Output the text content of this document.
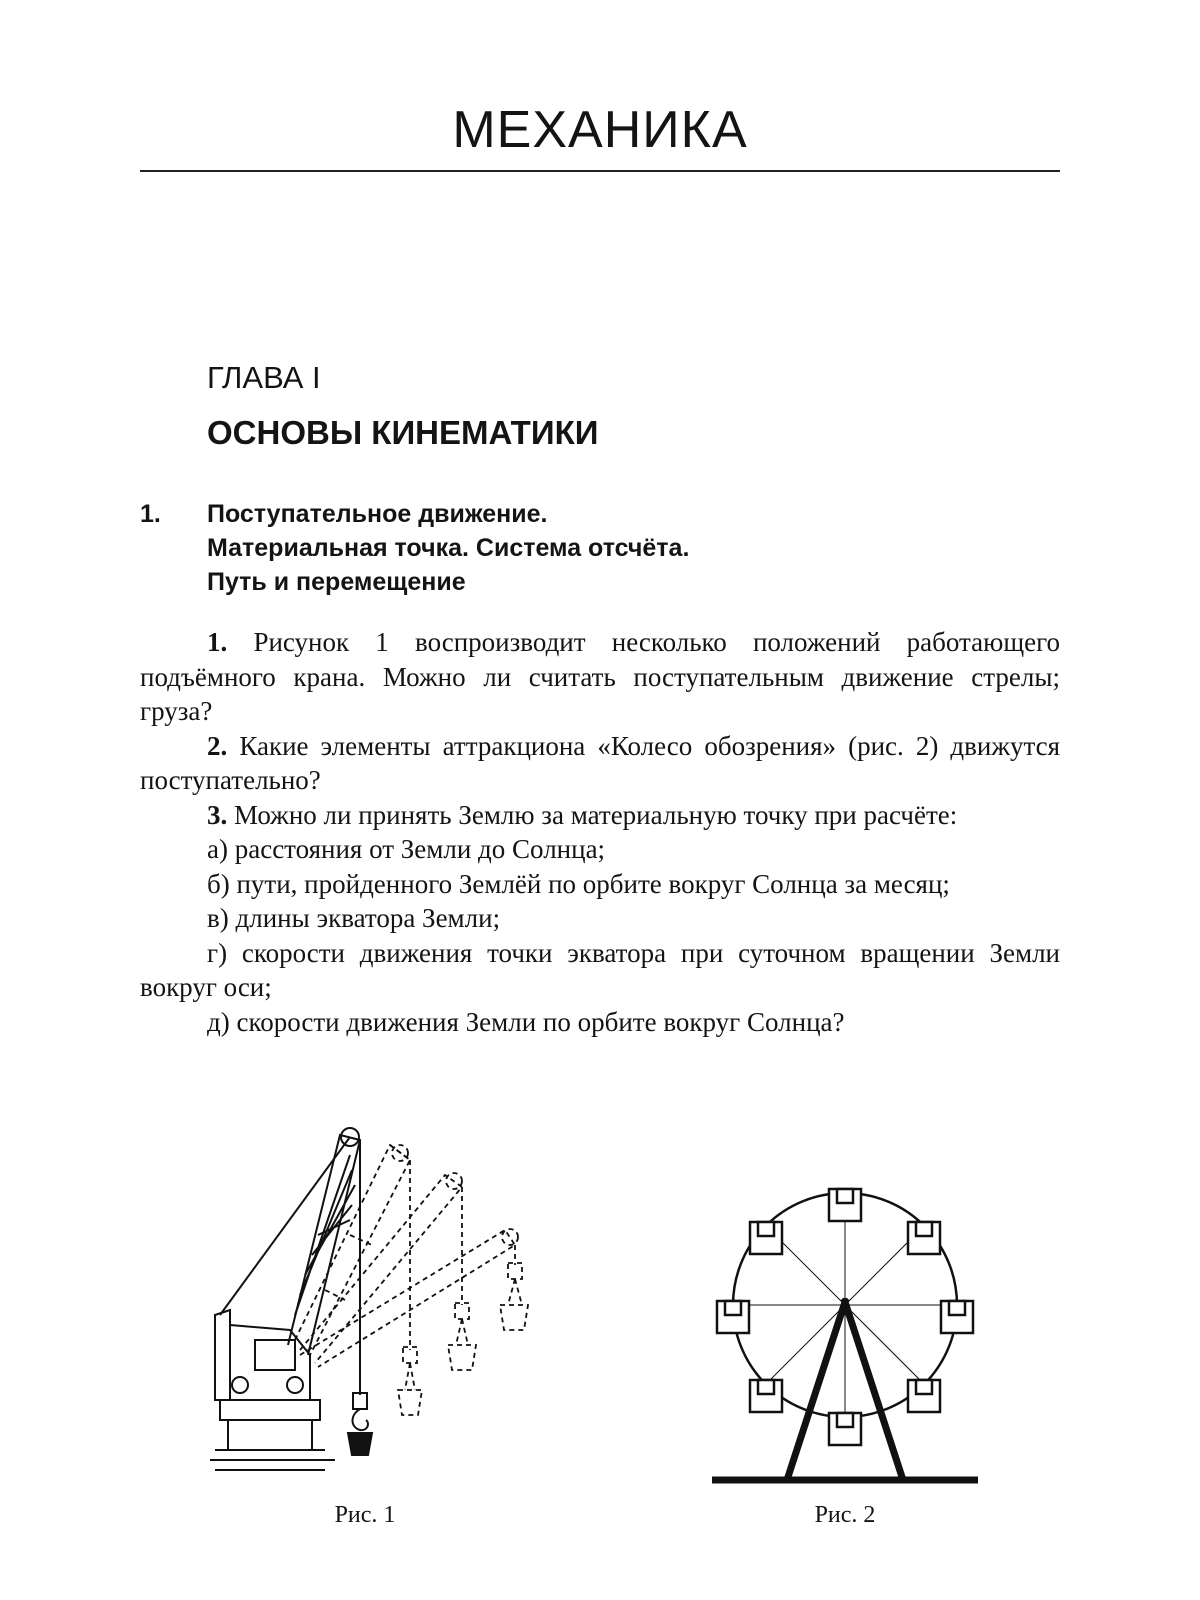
МЕХАНИКА
ГЛАВА I
ОСНОВЫ КИНЕМАТИКИ
1. Поступательное движение.
Материальная точка. Система отсчёта.
Путь и перемещение

1. Рисунок 1 воспроизводит несколько положений работающего подъёмного крана. Можно ли считать поступательным движение стрелы; груза?

2. Какие элементы аттракциона «Колесо обозрения» (рис. 2) движутся поступательно?

3. Можно ли принять Землю за материальную точку при расчёте:

а) расстояния от Земли до Солнца;

б) пути, пройденного Землёй по орбите вокруг Солнца за месяц;

в) длины экватора Земли;

г) скорости движения точки экватора при суточном вращении Земли вокруг оси;

д) скорости движения Земли по орбите вокруг Солнца?

Рис. 1	Рис. 2
